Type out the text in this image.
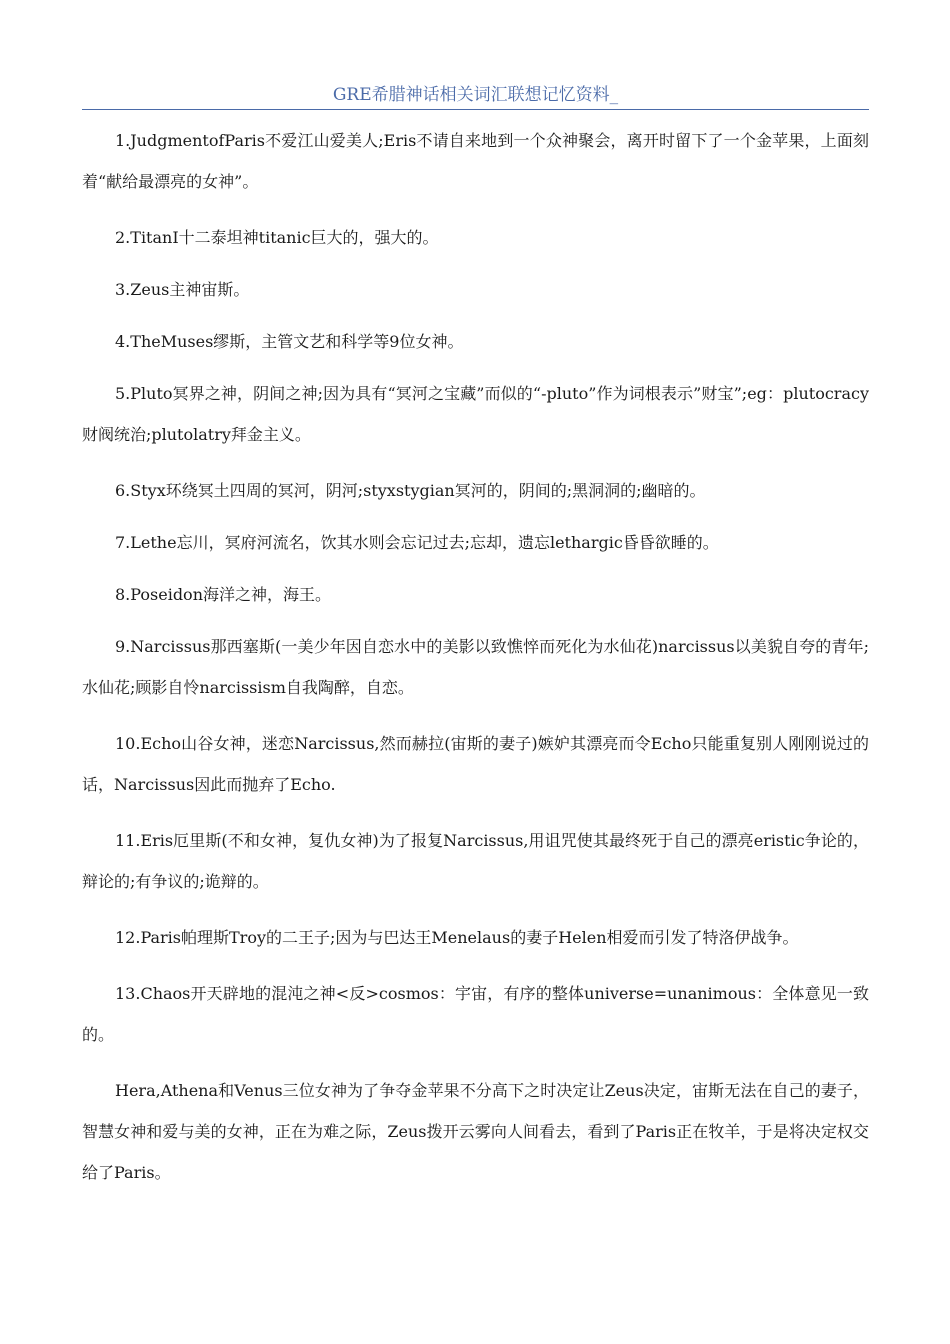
GRE希腊神话相关词汇联想记忆资料_

1.JudgmentofParis不爱江山爱美人;Eris不请自来地到一个众神聚会，离开时留下了一个金苹果，上面刻着“献给最漂亮的女神”。

2.TitanI十二泰坦神titanic巨大的，强大的。

3.Zeus主神宙斯。

4.TheMuses缪斯，主管文艺和科学等9位女神。

5.Pluto冥界之神，阴间之神;因为具有“冥河之宝藏”而似的“-pluto”作为词根表示”财宝”;eg：plutocracy财阀统治;plutolatry拜金主义。

6.Styx环绕冥土四周的冥河，阴河;styxstygian冥河的，阴间的;黑洞洞的;幽暗的。

7.Lethe忘川，冥府河流名，饮其水则会忘记过去;忘却，遗忘lethargic昏昏欲睡的。

8.Poseidon海洋之神，海王。

9.Narcissus那西塞斯(一美少年因自恋水中的美影以致憔悴而死化为水仙花)narcissus以美貌自夸的青年;水仙花;顾影自怜narcissism自我陶醉，自恋。

10.Echo山谷女神，迷恋Narcissus,然而赫拉(宙斯的妻子)嫉妒其漂亮而令Echo只能重复别人刚刚说过的话，Narcissus因此而抛弃了Echo.

11.Eris厄里斯(不和女神，复仇女神)为了报复Narcissus,用诅咒使其最终死于自己的漂亮eristic争论的，辩论的;有争议的;诡辩的。

12.Paris帕理斯Troy的二王子;因为与巴达王Menelaus的妻子Helen相爱而引发了特洛伊战争。

13.Chaos开天辟地的混沌之神<反>cosmos：宇宙，有序的整体universe=unanimous：全体意见一致的。

Hera,Athena和Venus三位女神为了争夺金苹果不分高下之时决定让Zeus决定，宙斯无法在自己的妻子，智慧女神和爱与美的女神，正在为难之际，Zeus拨开云雾向人间看去，看到了Paris正在牧羊，于是将决定权交给了Paris。
